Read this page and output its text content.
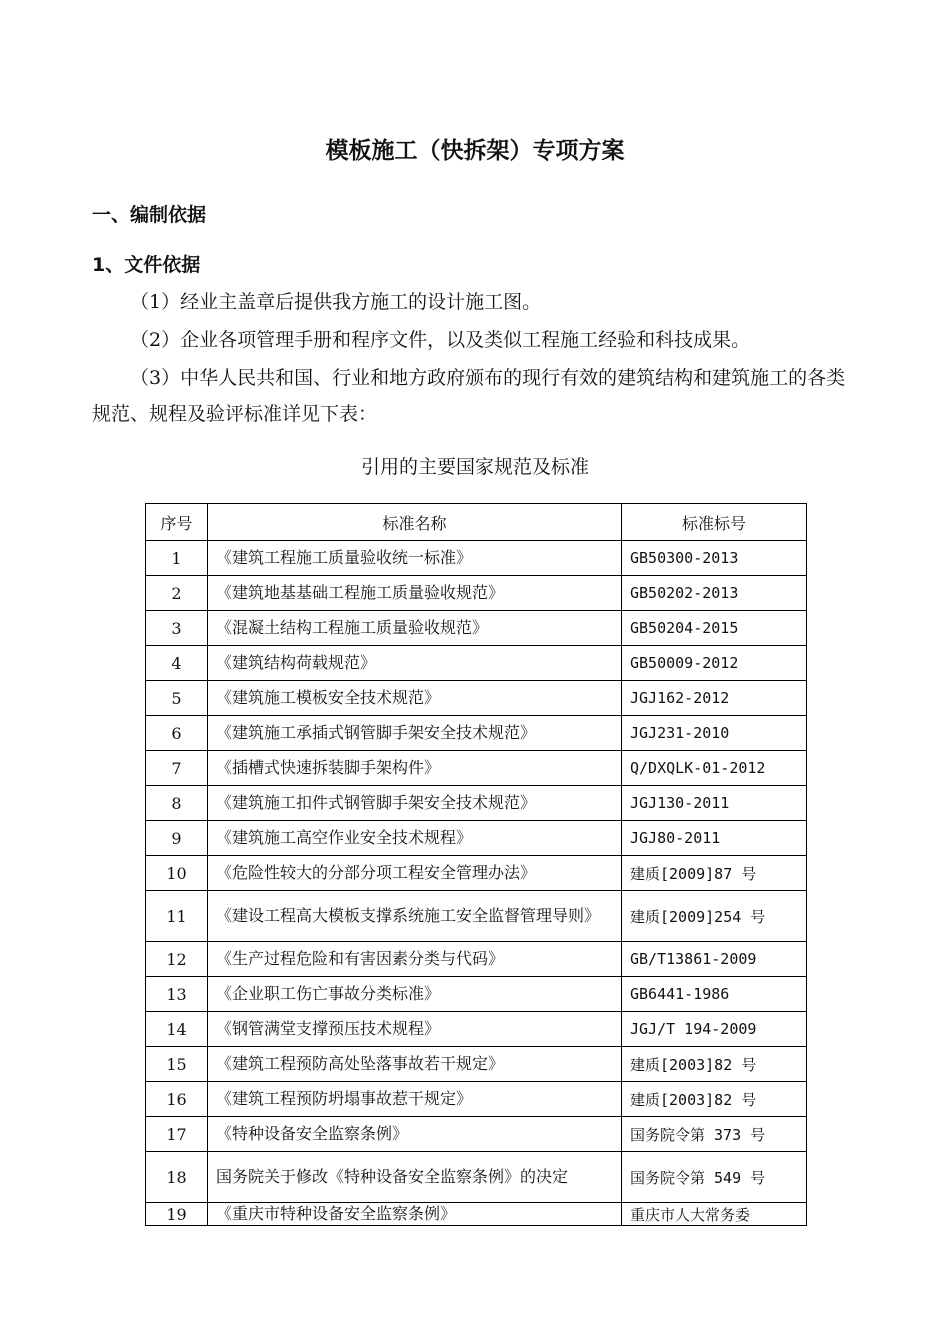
模板施工（快拆架）专项方案
一、编制依据
1、文件依据

（1）经业主盖章后提供我方施工的设计施工图。

（2）企业各项管理手册和程序文件，以及类似工程施工经验和科技成果。

（3）中华人民共和国、行业和地方政府颁布的现行有效的建筑结构和建筑施工的各类规范、规程及验评标准详见下表：

引用的主要国家规范及标准
序号	标准名称	标准标号
1	《建筑工程施工质量验收统一标准》	GB50300-2013
2	《建筑地基基础工程施工质量验收规范》	GB50202-2013
3	《混凝土结构工程施工质量验收规范》	GB50204-2015
4	《建筑结构荷载规范》	GB50009-2012
5	《建筑施工模板安全技术规范》	JGJ162-2012
6	《建筑施工承插式钢管脚手架安全技术规范》	JGJ231-2010
7	《插槽式快速拆装脚手架构件》	Q/DXQLK-01-2012
8	《建筑施工扣件式钢管脚手架安全技术规范》	JGJ130-2011
9	《建筑施工高空作业安全技术规程》	JGJ80-2011
10	《危险性较大的分部分项工程安全管理办法》	建质[2009]87 号
11	《建设工程高大模板支撑系统施工安全监督管理导则》	建质[2009]254 号
12	《生产过程危险和有害因素分类与代码》	GB/T13861-2009
13	《企业职工伤亡事故分类标准》	GB6441-1986
14	《钢管满堂支撑预压技术规程》	JGJ/T 194-2009
15	《建筑工程预防高处坠落事故若干规定》	建质[2003]82 号
16	《建筑工程预防坍塌事故惹干规定》	建质[2003]82 号
17	《特种设备安全监察条例》	国务院令第 373 号
18	国务院关于修改《特种设备安全监察条例》的决定	国务院令第 549 号
19	《重庆市特种设备安全监察条例》	重庆市人大常务委
